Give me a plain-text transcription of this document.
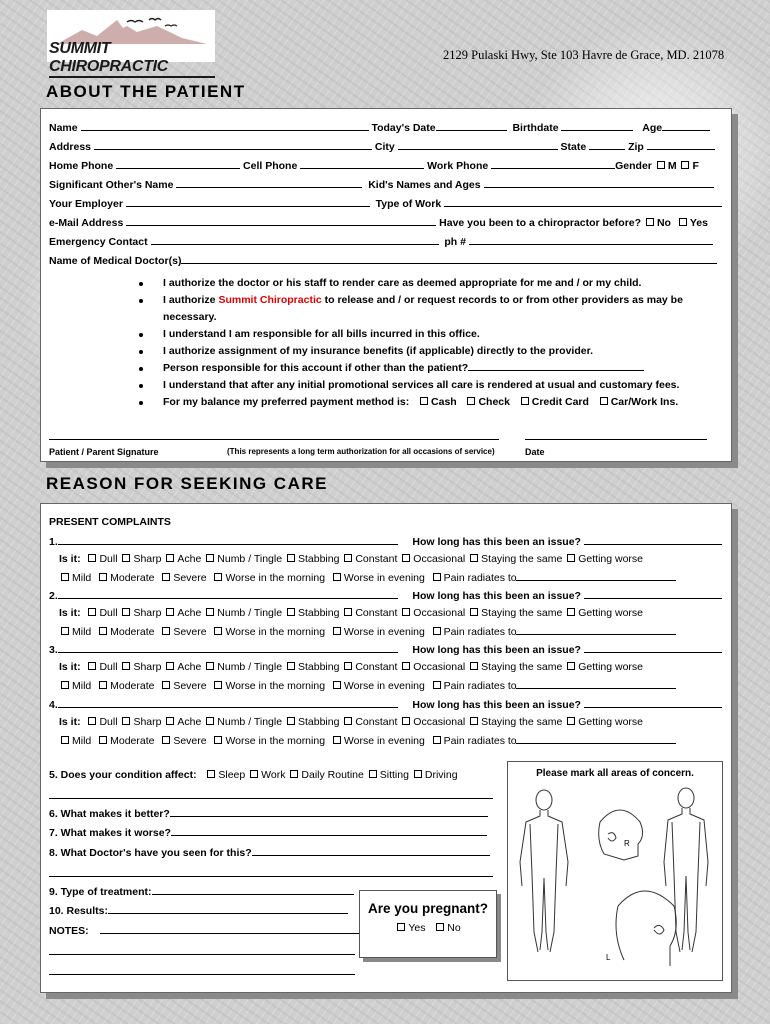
SUMMIT CHIROPRACTIC
2129 Pulaski Hwy, Ste 103 Havre de Grace, MD. 21078
ABOUT THE PATIENT
Name	Today's Date	Birthdate	Age
Address	City	State	Zip
Home Phone	Cell Phone	Work Phone	Gender M F
Significant Other's Name	Kid's Names and Ages
Your Employer	Type of Work
e-Mail Address	Have you been to a chiropractor before? No Yes
Emergency Contact	ph #
Name of Medical Doctor(s)
I authorize the doctor or his staff to render care as deemed appropriate for me and / or my child.
I authorize Summit Chiropractic to release and / or request records to or from other providers as may be
necessary.
I understand I am responsible for all bills incurred in this office.
I authorize assignment of my insurance benefits (if applicable) directly to the provider.
Person responsible for this account if other than the patient?
I understand that after any initial promotional services all care is rendered at usual and customary fees.
For my balance my preferred payment method is: Cash Check Credit Card Car/Work Ins.
Patient / Parent Signature	(This represents a long term authorization for all occasions of service)	Date
REASON FOR SEEKING CARE
PRESENT COMPLAINTS
1.	How long has this been an issue?
Is it: Dull Sharp Ache Numb / Tingle Stabbing Constant Occasional Staying the same Getting worse
Mild Moderate Severe Worse in the morning Worse in evening Pain radiates to
2.	How long has this been an issue?
Is it: Dull Sharp Ache Numb / Tingle Stabbing Constant Occasional Staying the same Getting worse
Mild Moderate Severe Worse in the morning Worse in evening Pain radiates to
3.	How long has this been an issue?
Is it: Dull Sharp Ache Numb / Tingle Stabbing Constant Occasional Staying the same Getting worse
Mild Moderate Severe Worse in the morning Worse in evening Pain radiates to
4.	How long has this been an issue?
Is it: Dull Sharp Ache Numb / Tingle Stabbing Constant Occasional Staying the same Getting worse
Mild Moderate Severe Worse in the morning Worse in evening Pain radiates to
5. Does your condition affect: Sleep Work Daily Routine Sitting Driving
6. What makes it better?
7. What makes it worse?
8. What Doctor's have you seen for this?
9. Type of treatment:
10. Results:
NOTES:
Are you pregnant?
Yes No
Please mark all areas of concern.
R
L
